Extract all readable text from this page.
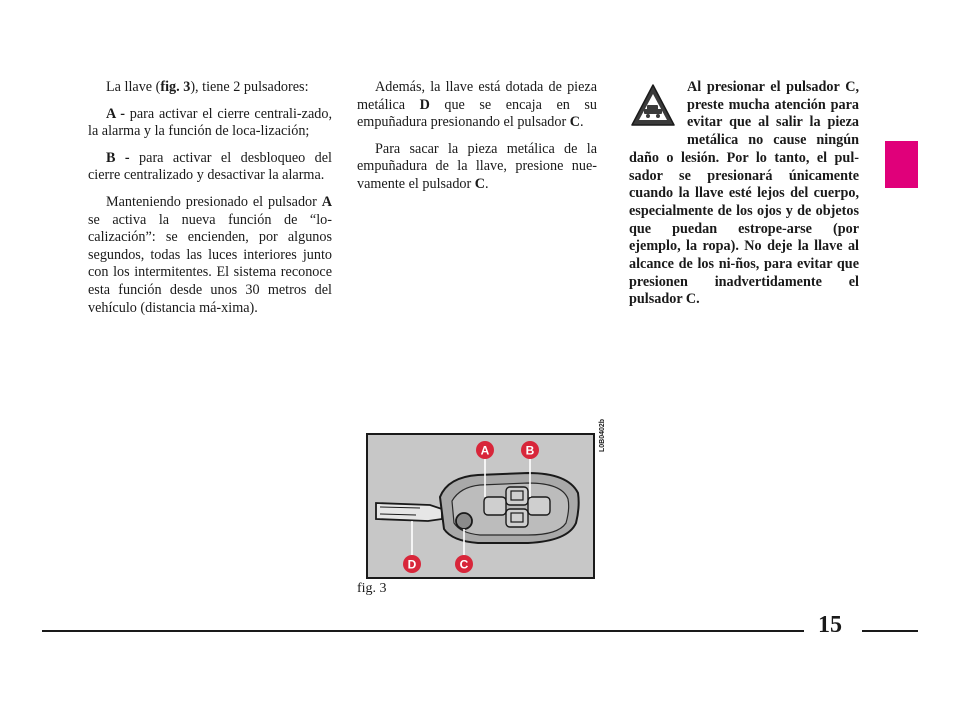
La llave (fig. 3), tiene 2 pulsadores:

A - para activar el cierre centrali-zado, la alarma y la función de loca-lización;

B - para activar el desbloqueo del cierre centralizado y desactivar la alarma.

Manteniendo presionado el pulsador A se activa la nueva función de “lo-calización”: se encienden, por algunos segundos, todas las luces interiores junto con los intermitentes. El sistema reconoce esta función desde unos 30 metros del vehículo (distancia má-xima).

Además, la llave está dotada de pieza metálica D que se encaja en su empuñadura presionando el pulsador C.

Para sacar la pieza metálica de la empuñadura de la llave, presione nue-vamente el pulsador C.

Al presionar el pulsador C, preste mucha atención para evitar que al salir la pieza metálica no cause ningún daño o lesión. Por lo tanto, el pul-sador se presionará únicamente cuando la llave esté lejos del cuerpo, especialmente de los ojos y de objetos que puedan estrope-arse (por ejemplo, la ropa). No deje la llave al alcance de los ni-ños, para evitar que presionen inadvertidamente el pulsador C.

A	B
C
D
L0B0402b
fig. 3
15
